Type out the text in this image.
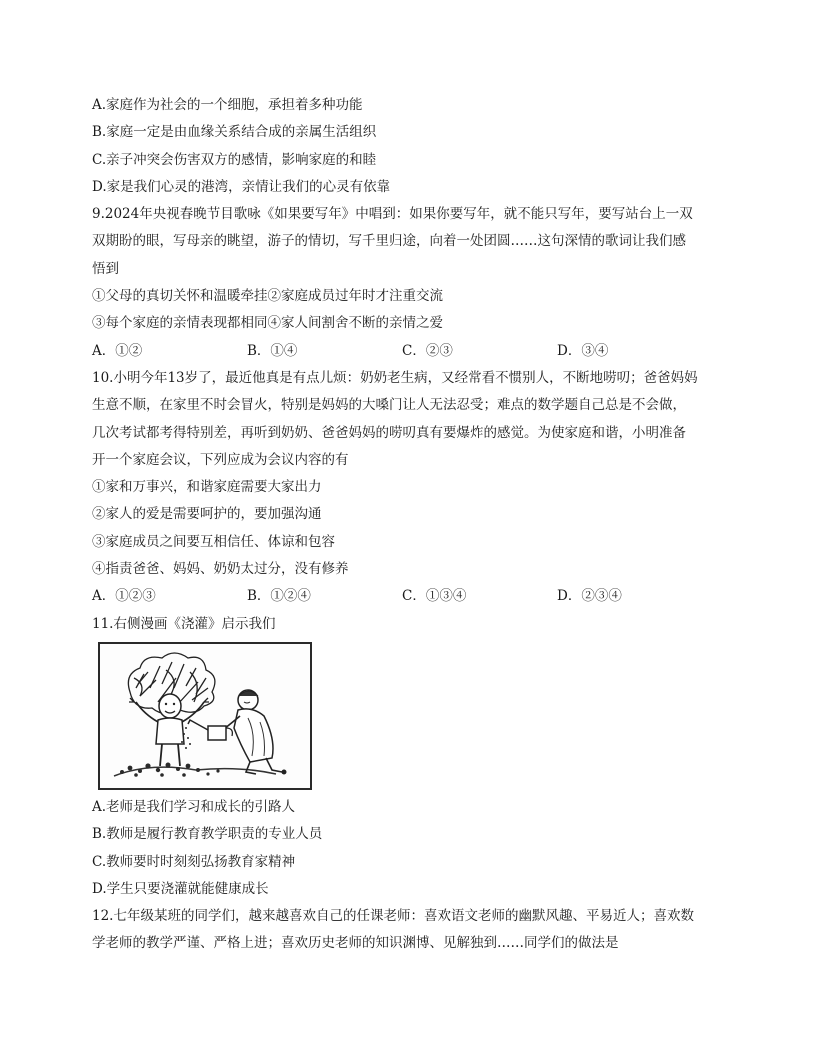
A.家庭作为社会的一个细胞，承担着多种功能

B.家庭一定是由血缘关系结合成的亲属生活组织

C.亲子冲突会伤害双方的感情，影响家庭的和睦

D.家是我们心灵的港湾，亲情让我们的心灵有依靠

9.2024年央视春晚节目歌咏《如果要写年》中唱到：如果你要写年，就不能只写年，要写站台上一双

双期盼的眼，写母亲的眺望，游子的情切，写千里归途，向着一处团圆……这句深情的歌词让我们感

悟到

①父母的真切关怀和温暖牵挂②家庭成员过年时才注重交流

③每个家庭的亲情表现都相同④家人间割舍不断的亲情之爱

A．①②	B．①④	C．②③	D．③④

10.小明今年13岁了，最近他真是有点儿烦：奶奶老生病，又经常看不惯别人，不断地唠叨；爸爸妈妈

生意不顺，在家里不时会冒火，特别是妈妈的大嗓门让人无法忍受；难点的数学题自己总是不会做，

几次考试都考得特别差，再听到奶奶、爸爸妈妈的唠叨真有要爆炸的感觉。为使家庭和谐，小明准备

开一个家庭会议，下列应成为会议内容的有

①家和万事兴，和谐家庭需要大家出力

②家人的爱是需要呵护的，要加强沟通

③家庭成员之间要互相信任、体谅和包容

④指责爸爸、妈妈、奶奶太过分，没有修养

A．①②③	B．①②④	C．①③④	D．②③④

11.右侧漫画《浇灌》启示我们

A.老师是我们学习和成长的引路人

B.教师是履行教育教学职责的专业人员

C.教师要时时刻刻弘扬教育家精神

D.学生只要浇灌就能健康成长

12.七年级某班的同学们，越来越喜欢自己的任课老师：喜欢语文老师的幽默风趣、平易近人；喜欢数

学老师的教学严谨、严格上进；喜欢历史老师的知识渊博、见解独到……同学们的做法是
